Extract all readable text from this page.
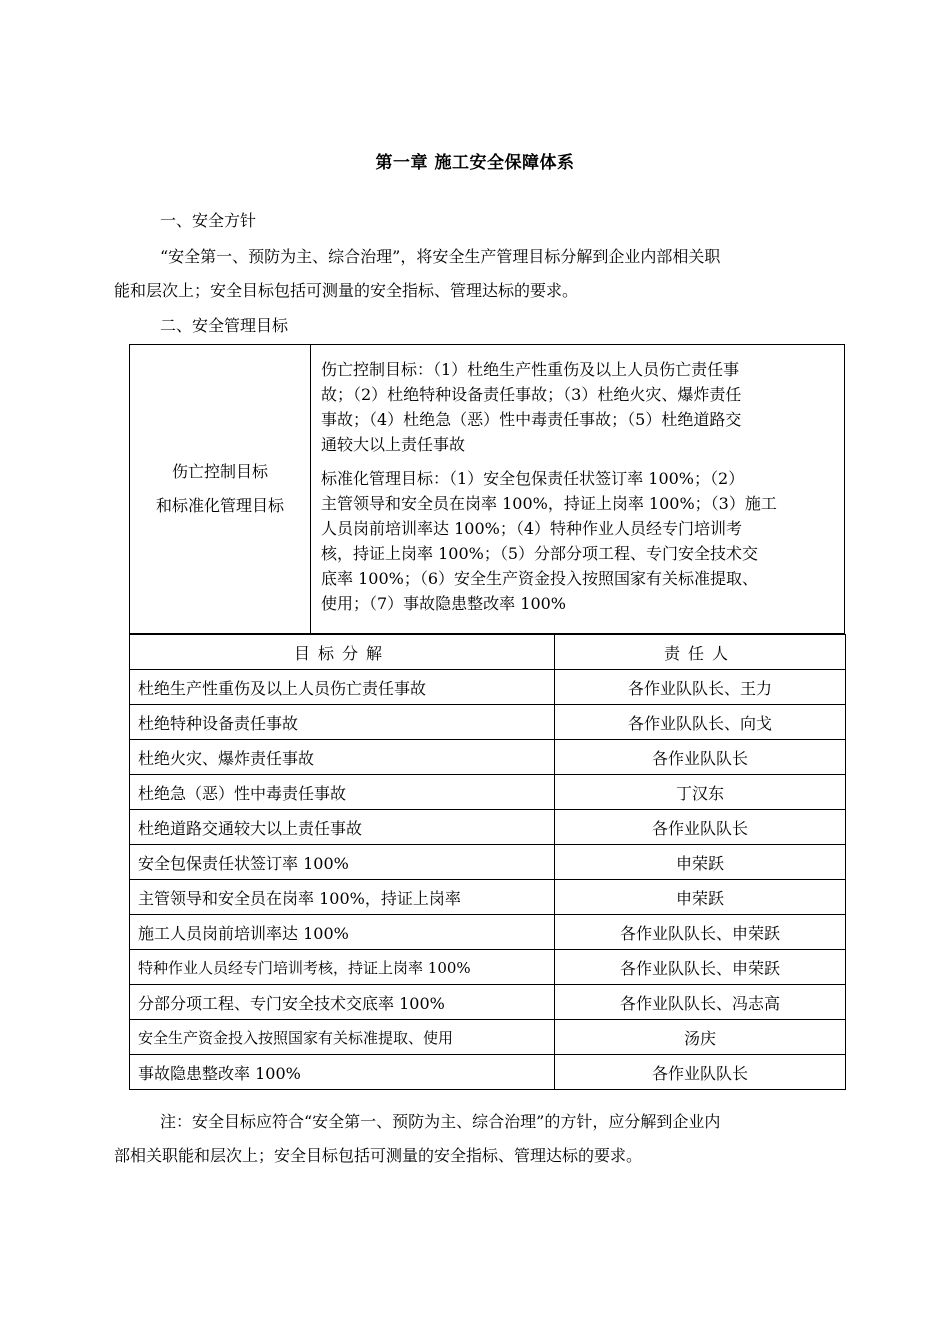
第一章 施工安全保障体系
一、安全方针
“安全第一、预防为主、综合治理”，将安全生产管理目标分解到企业内部相关职
能和层次上；安全目标包括可测量的安全指标、管理达标的要求。
二、安全管理目标
伤亡控制目标
和标准化管理目标

伤亡控制目标：（1）杜绝生产性重伤及以上人员伤亡责任事
故；（2）杜绝特种设备责任事故；（3）杜绝火灾、爆炸责任
事故；（4）杜绝急（恶）性中毒责任事故；（5）杜绝道路交
通较大以上责任事故

标准化管理目标：（1）安全包保责任状签订率 100%；（2）
主管领导和安全员在岗率 100%，持证上岗率 100%；（3）施工
人员岗前培训率达 100%；（4）特种作业人员经专门培训考
核，持证上岗率 100%；（5）分部分项工程、专门安全技术交
底率 100%；（6）安全生产资金投入按照国家有关标准提取、
使用；（7）事故隐患整改率 100%

目标分解	责任人
杜绝生产性重伤及以上人员伤亡责任事故	各作业队队长、王力
杜绝特种设备责任事故	各作业队队长、向戈
杜绝火灾、爆炸责任事故	各作业队队长
杜绝急（恶）性中毒责任事故	丁汉东
杜绝道路交通较大以上责任事故	各作业队队长
安全包保责任状签订率 100%	申荣跃
主管领导和安全员在岗率 100%，持证上岗率	申荣跃
施工人员岗前培训率达 100%	各作业队队长、申荣跃
特种作业人员经专门培训考核，持证上岗率 100%	各作业队队长、申荣跃
分部分项工程、专门安全技术交底率 100%	各作业队队长、冯志高
安全生产资金投入按照国家有关标准提取、使用	汤庆
事故隐患整改率 100%	各作业队队长
注：安全目标应符合“安全第一、预防为主、综合治理”的方针，应分解到企业内
部相关职能和层次上；安全目标包括可测量的安全指标、管理达标的要求。
